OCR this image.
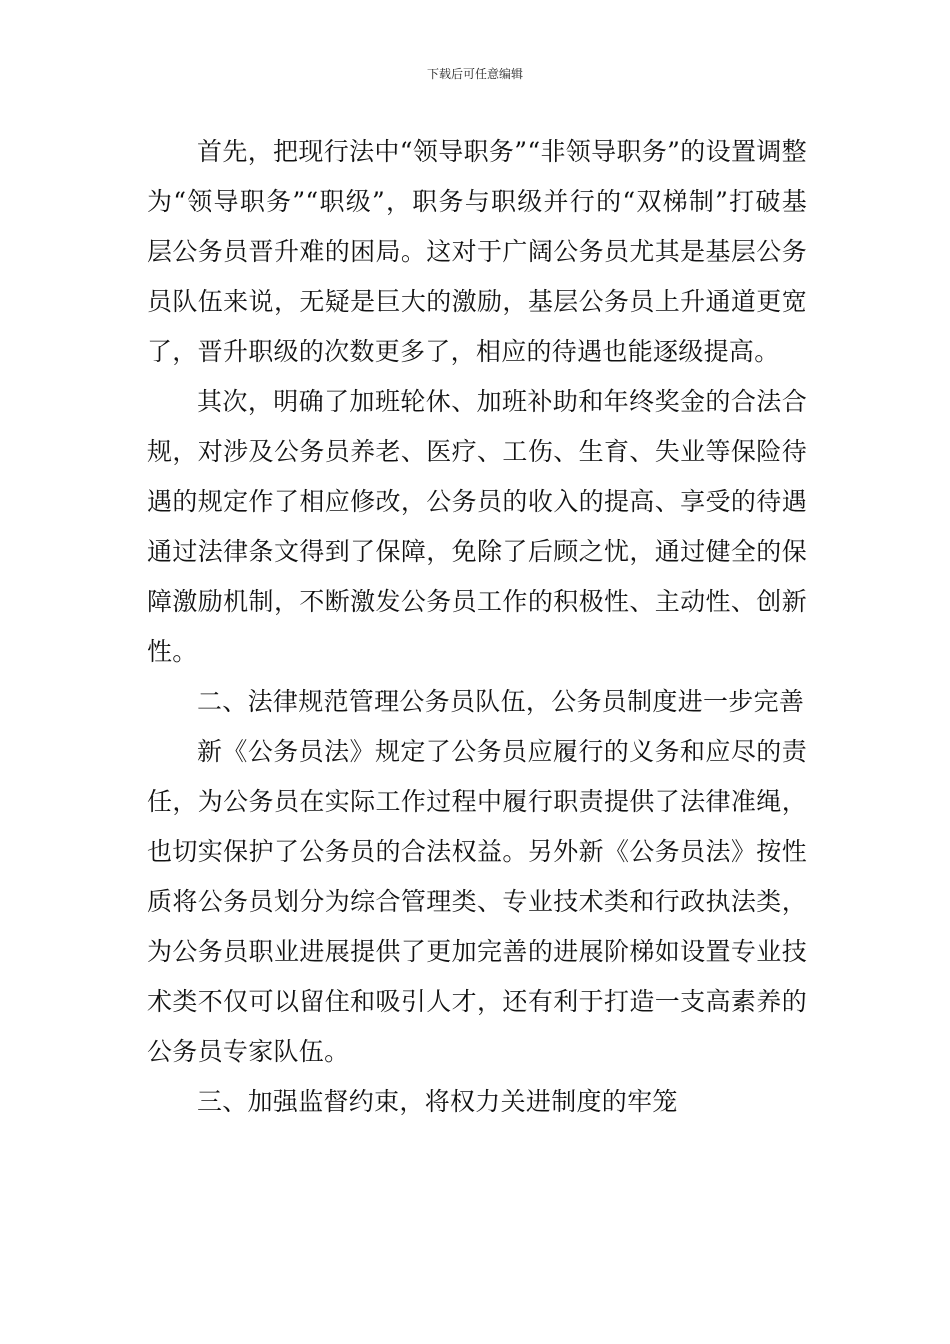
下载后可任意编辑

首先，把现行法中“领导职务”“非领导职务”的设置调整为“领导职务”“职级”，职务与职级并行的“双梯制”打破基层公务员晋升难的困局。这对于广阔公务员尤其是基层公务员队伍来说，无疑是巨大的激励，基层公务员上升通道更宽了，晋升职级的次数更多了，相应的待遇也能逐级提高。

其次，明确了加班轮休、加班补助和年终奖金的合法合规，对涉及公务员养老、医疗、工伤、生育、失业等保险待遇的规定作了相应修改，公务员的收入的提高、享受的待遇通过法律条文得到了保障，免除了后顾之忧，通过健全的保障激励机制，不断激发公务员工作的积极性、主动性、创新性。

二、法律规范管理公务员队伍，公务员制度进一步完善

新《公务员法》规定了公务员应履行的义务和应尽的责任，为公务员在实际工作过程中履行职责提供了法律准绳，也切实保护了公务员的合法权益。另外新《公务员法》按性质将公务员划分为综合管理类、专业技术类和行政执法类，为公务员职业进展提供了更加完善的进展阶梯如设置专业技术类不仅可以留住和吸引人才，还有利于打造一支高素养的公务员专家队伍。

三、加强监督约束，将权力关进制度的牢笼
